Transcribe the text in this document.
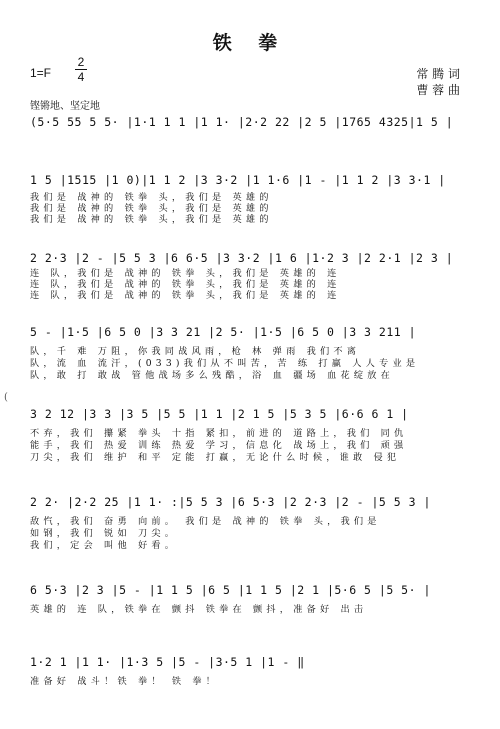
铁 拳
1=F
2
4	常 腾 词
曹 蓉 曲
铿锵地、坚定地
(
(5·5 55 5 5· |1·1 1 1 |1 1· |2·2 22 |2 5 |1765 4325|1 5 |
1 5 |1515 |1 0)|1 1 2 |3 3·2 |1 1·6 |1 - |1 1 2 |3 3·1 |
我们是 战神的 铁拳 头，我们是 英雄的
我们是 战神的 铁拳 头，我们是 英雄的
我们是 战神的 铁拳 头，我们是 英雄的
2 2·3 |2 - |5 5 3 |6 6·5 |3 3·2 |1 6 |1·2 3 |2 2·1 |2 3 |
连 队，我们是 战神的 铁拳 头，我们是 英雄的 连
连 队，我们是 战神的 铁拳 头，我们是 英雄的 连
连 队，我们是 战神的 铁拳 头，我们是 英雄的 连
5 - |1·5 |6 5 0 |3 3 21 |2 5· |1·5 |6 5 0 |3 3 211 |
队，千 难 万阻，你我同战风雨，枪 林 弹雨 我们不离
队，流 血 流汗，(033)我们从不叫苦，苦 练 打赢 人人专业是
队，敢 打 敢战 管他战场多么残酷，浴 血 疆场 血花绽放在
3 2 12 |3 3 |3 5 |5 5 |1 1 |2 1 5 |5 3 5 |6·6 6 1 |
不弃，我们 攥紧 拳头 十指 紧扣，前进的 道路上，我们 同仇
能手，我们 热爱 训练 热爱 学习，信息化 战场上，我们 顽强
刀尖，我们 维护 和平 定能 打赢，无论什么时候，谁敢 侵犯
2 2· |2·2 25 |1 1· :|5 5 3 |6 5·3 |2 2·3 |2 - |5 5 3 |
敌忾，我们 奋勇 向前。 我们是 战神的 铁拳 头，我们是
如钢，我们 锐如 刀尖。
我们，定会 叫他 好看。
6 5·3 |2 3 |5 - |1 1 5 |6 5 |1 1 5 |2 1 |5·6 5 |5 5· |
英雄的 连 队，铁拳在 颤抖 铁拳在 颤抖，准备好 出击
1·2 1 |1 1· |1·3 5 |5 - |3·5 1 |1 - ‖
准备好 战斗！铁 拳！ 铁 拳！
